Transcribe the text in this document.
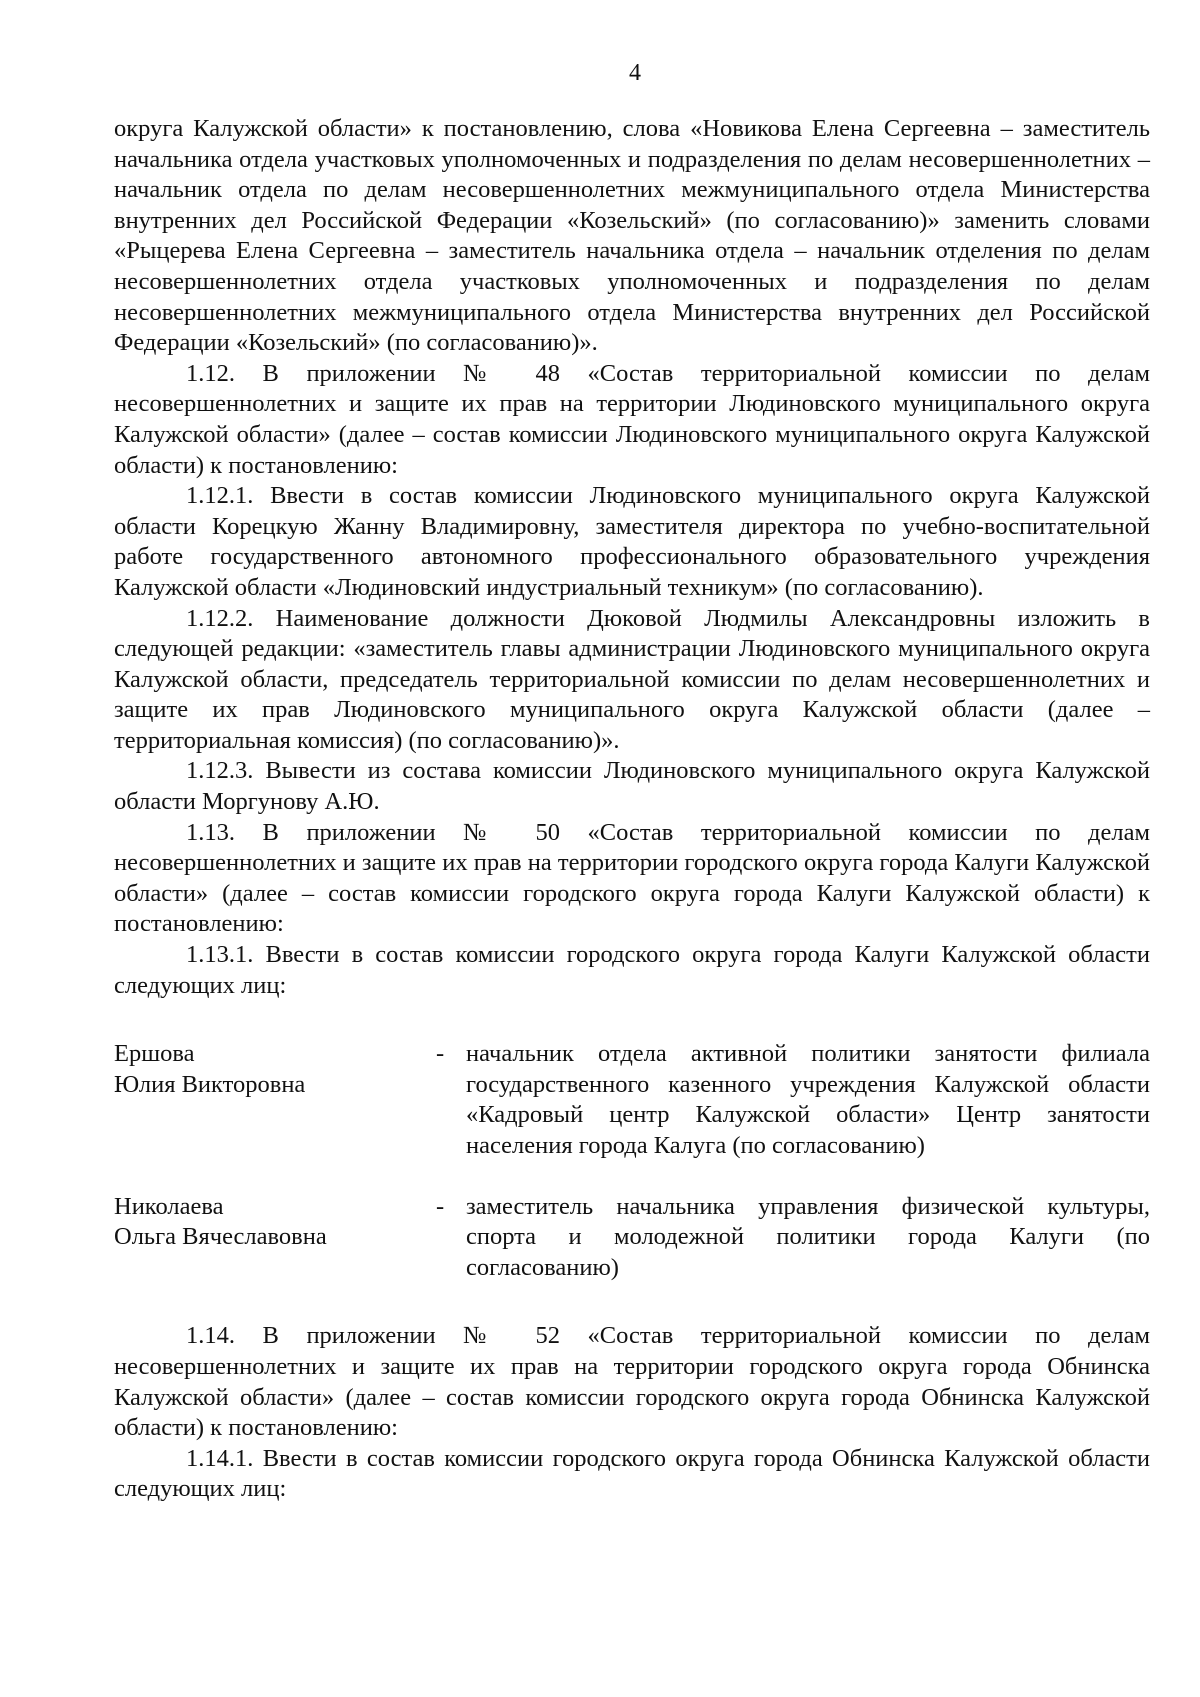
4

округа Калужской области» к постановлению, слова «Новикова Елена Сергеевна – заместитель начальника отдела участковых уполномоченных и подразделения по делам несовершеннолетних – начальник отдела по делам несовершеннолетних межмуниципального отдела Министерства внутренних дел Российской Федерации «Козельский» (по согласованию)» заменить словами «Рыцерева Елена Сергеевна – заместитель начальника отдела – начальник отделения по делам несовершеннолетних отдела участковых уполномоченных и подразделения по делам несовершеннолетних межмуниципального отдела Министерства внутренних дел Российской Федерации «Козельский» (по согласованию)».

1.12. В приложении № 48 «Состав территориальной комиссии по делам несовершеннолетних и защите их прав на территории Людиновского муниципального округа Калужской области» (далее – состав комиссии Людиновского муниципального округа Калужской области) к постановлению:

1.12.1. Ввести в состав комиссии Людиновского муниципального округа Калужской области Корецкую Жанну Владимировну, заместителя директора по учебно-воспитательной работе государственного автономного профессионального образовательного учреждения Калужской области «Людиновский индустриальный техникум» (по согласованию).

1.12.2. Наименование должности Дюковой Людмилы Александровны изложить в следующей редакции: «заместитель главы администрации Людиновского муниципального округа Калужской области, председатель территориальной комиссии по делам несовершеннолетних и защите их прав Людиновского муниципального округа Калужской области (далее – территориальная комиссия) (по согласованию)».

1.12.3. Вывести из состава комиссии Людиновского муниципального округа Калужской области Моргунову А.Ю.

1.13. В приложении № 50 «Состав территориальной комиссии по делам несовершеннолетних и защите их прав на территории городского округа города Калуги Калужской области» (далее – состав комиссии городского округа города Калуги Калужской области) к постановлению:

1.13.1. Ввести в состав комиссии городского округа города Калуги Калужской области следующих лиц:

Ершова
Юлия Викторовна
- начальник отдела активной политики занятости филиала государственного казенного учреждения Калужской области «Кадровый центр Калужской области» Центр занятости населения города Калуга (по согласованию)
Николаева
Ольга Вячеславовна
- заместитель начальника управления физической культуры, спорта и молодежной политики города Калуги (по согласованию)

1.14. В приложении № 52 «Состав территориальной комиссии по делам несовершеннолетних и защите их прав на территории городского округа города Обнинска Калужской области» (далее – состав комиссии городского округа города Обнинска Калужской области) к постановлению:

1.14.1. Ввести в состав комиссии городского округа города Обнинска Калужской области следующих лиц:
